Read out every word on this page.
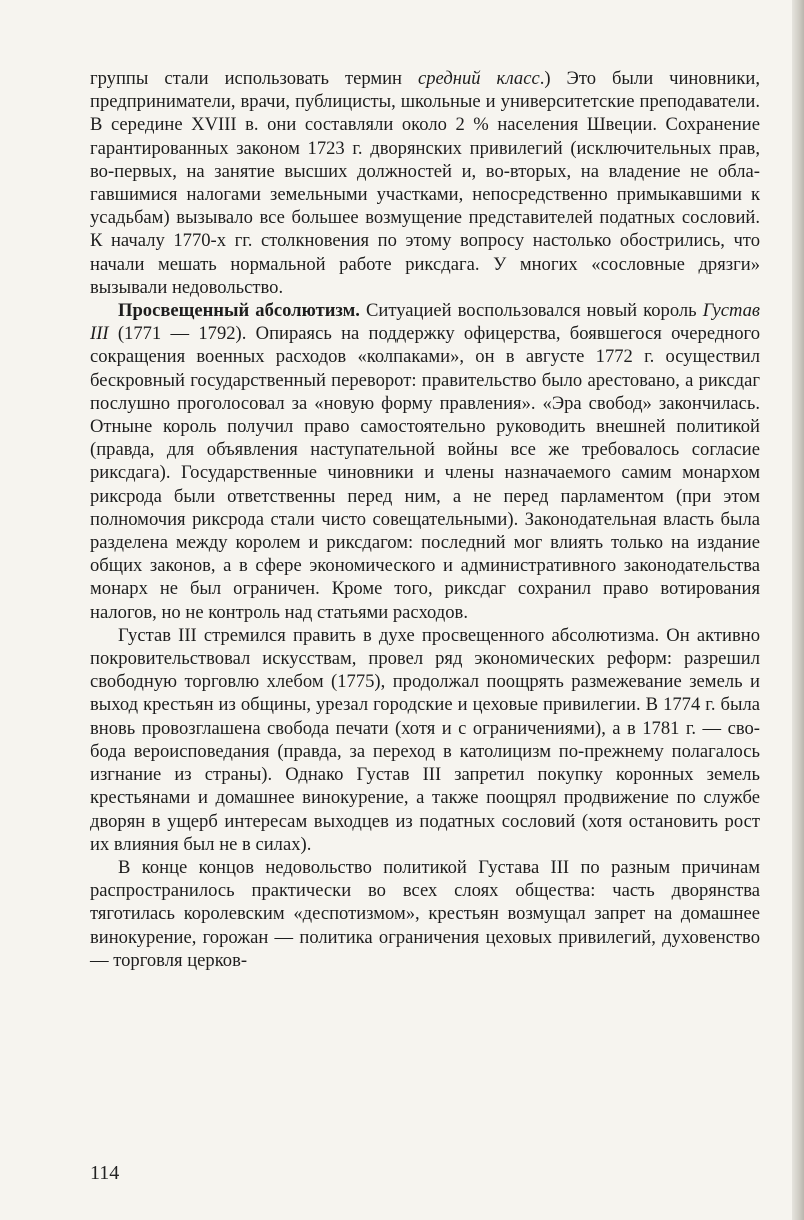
группы стали использовать термин средний класс.) Это были чиновники, предприниматели, врачи, публицисты, школьные и университетские преподаватели. В середине XVIII в. они составляли около 2 % населения Швеции. Сохранение гарантированных законом 1723 г. дворянских привилегий (исключительных прав, во-первых, на занятие высших должностей и, во-вторых, на владение не облагавшимися налогами земельными участками, непосредственно примыкавшими к усадьбам) вызывало все большее возмущение представителей податных сословий. К началу 1770-х гг. столкновения по этому вопросу настолько обострились, что начали мешать нормальной работе риксдага. У многих «сословные дрязги» вызывали недовольство.

Просвещенный абсолютизм. Ситуацией воспользовался новый король Густав III (1771 — 1792). Опираясь на поддержку офицерства, боявшегося очередного сокращения военных расходов «колпаками», он в августе 1772 г. осуществил бескровный государственный переворот: правительство было арестовано, а риксдаг послушно проголосовал за «новую форму правления». «Эра свобод» закончилась. Отныне король получил право самостоятельно руководить внешней политикой (правда, для объявления наступательной войны все же требовалось согласие риксдага). Государственные чиновники и члены назначаемого самим монархом риксрода были ответственны перед ним, а не перед парламентом (при этом полномочия риксрода стали чисто совещательными). Законодательная власть была разделена между королем и риксдагом: последний мог влиять только на издание общих законов, а в сфере экономического и административного законодательства монарх не был ограничен. Кроме того, риксдаг сохранил право вотирования налогов, но не контроль над статьями расходов.

Густав III стремился править в духе просвещенного абсолютизма. Он активно покровительствовал искусствам, провел ряд экономических реформ: разрешил свободную торговлю хлебом (1775), продолжал поощрять размежевание земель и выход крестьян из общины, урезал городские и цеховые привилегии. В 1774 г. была вновь провозглашена свобода печати (хотя и с ограничениями), а в 1781 г. — свобода вероисповедания (правда, за переход в католицизм по-прежнему полагалось изгнание из страны). Однако Густав III запретил покупку коронных земель крестьянами и домашнее винокурение, а также поощрял продвижение по службе дворян в ущерб интересам выходцев из податных сословий (хотя остановить рост их влияния был не в силах).

В конце концов недовольство политикой Густава III по разным причинам распространилось практически во всех слоях общества: часть дворянства тяготилась королевским «деспотизмом», крестьян возмущал запрет на домашнее винокурение, горожан — политика ограничения цеховых привилегий, духовенство — торговля церков-

114
